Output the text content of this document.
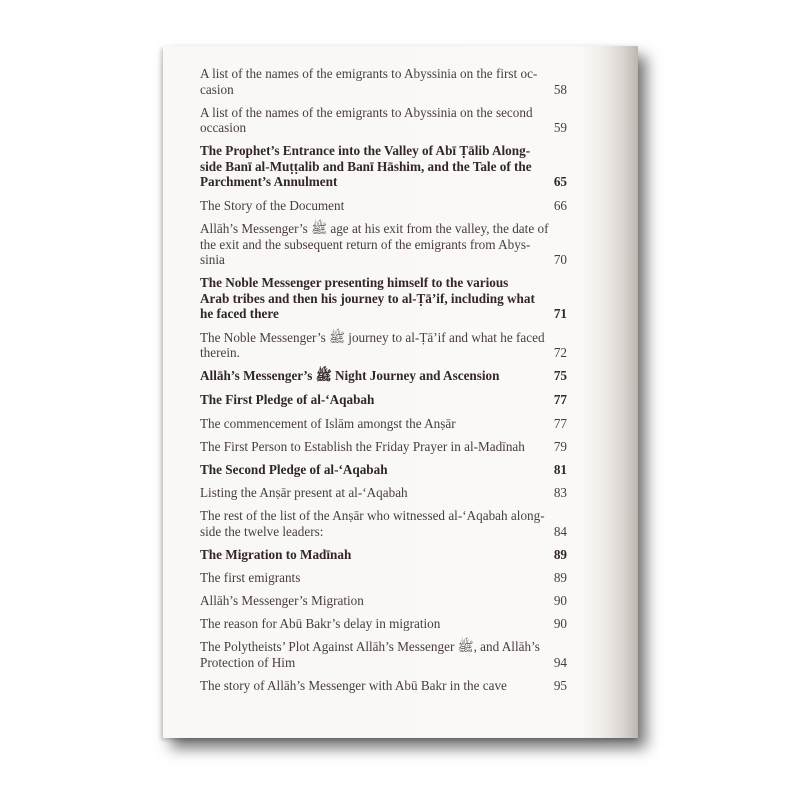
A list of the names of the emigrants to Abyssinia on the first oc-
casion	58
A list of the names of the emigrants to Abyssinia on the second
occasion	59
The Prophet’s Entrance into the Valley of Abī Ṭālib Along-
side Banī al-Muṭṭalib and Banī Hāshim, and the Tale of the
Parchment’s Annulment	65
The Story of the Document	66
Allāh’s Messenger’s ﷺ age at his exit from the valley, the date of
the exit and the subsequent return of the emigrants from Abys-
sinia	70
The Noble Messenger presenting himself to the various
Arab tribes and then his journey to al-Ṭā’if, including what
he faced there	71
The Noble Messenger’s ﷺ journey to al-Ṭā’if and what he faced
therein.	72
Allāh’s Messenger’s ﷺ Night Journey and Ascension	75
The First Pledge of al-‘Aqabah	77
The commencement of Islām amongst the Anṣār	77
The First Person to Establish the Friday Prayer in al-Madīnah	79
The Second Pledge of al-‘Aqabah	81
Listing the Anṣār present at al-‘Aqabah	83
The rest of the list of the Anṣār who witnessed al-‘Aqabah along-
side the twelve leaders:	84
The Migration to Madīnah	89
The first emigrants	89
Allāh’s Messenger’s Migration	90
The reason for Abū Bakr’s delay in migration	90
The Polytheists’ Plot Against Allāh’s Messenger ﷺ, and Allāh’s
Protection of Him	94
The story of Allāh’s Messenger with Abū Bakr in the cave	95
